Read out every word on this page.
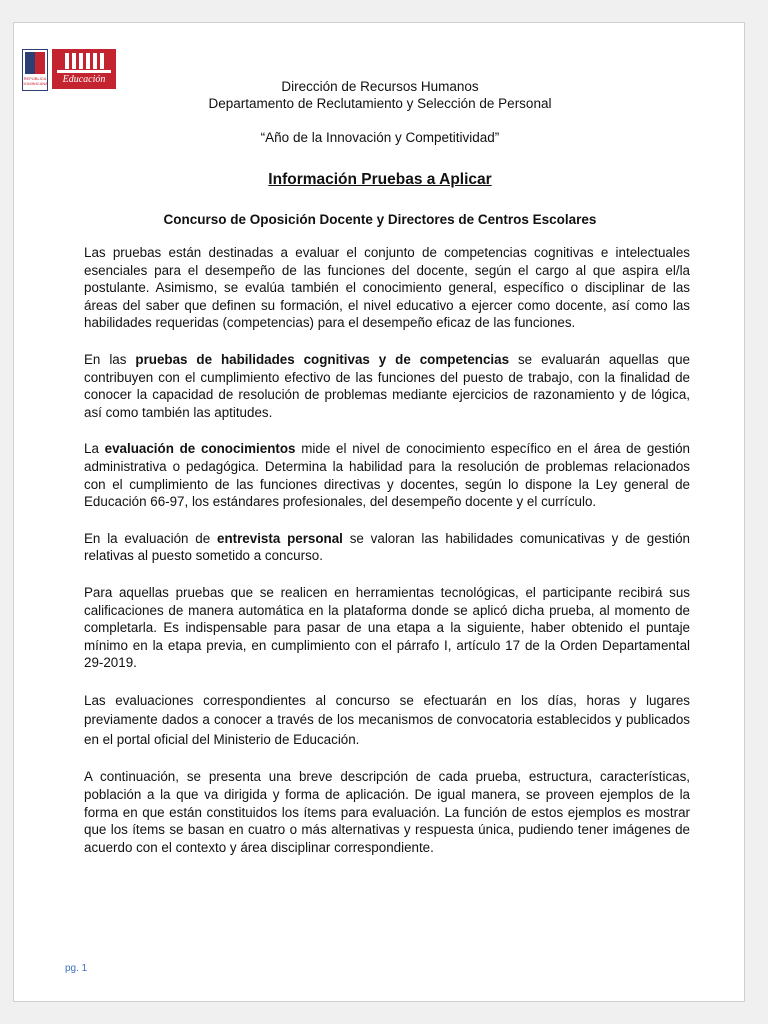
REPÚBLICA DOMINICANA Educación	Dirección de Recursos Humanos
Departamento de Reclutamiento y Selección de Personal
“Año de la Innovación y Competitividad”
Información Pruebas a Aplicar
Concurso de Oposición Docente y Directores de Centros Escolares

Las pruebas están destinadas a evaluar el conjunto de competencias cognitivas e intelectuales esenciales para el desempeño de las funciones del docente, según el cargo al que aspira el/la postulante. Asimismo, se evalúa también el conocimiento general, específico o disciplinar de las áreas del saber que definen su formación, el nivel educativo a ejercer como docente, así como las habilidades requeridas (competencias) para el desempeño eficaz de las funciones.

En las pruebas de habilidades cognitivas y de competencias se evaluarán aquellas que contribuyen con el cumplimiento efectivo de las funciones del puesto de trabajo, con la finalidad de conocer la capacidad de resolución de problemas mediante ejercicios de razonamiento y de lógica, así como también las aptitudes.

La evaluación de conocimientos mide el nivel de conocimiento específico en el área de gestión administrativa o pedagógica. Determina la habilidad para la resolución de problemas relacionados con el cumplimiento de las funciones directivas y docentes, según lo dispone la Ley general de Educación 66-97, los estándares profesionales, del desempeño docente y el currículo.

En la evaluación de entrevista personal se valoran las habilidades comunicativas y de gestión relativas al puesto sometido a concurso.

Para aquellas pruebas que se realicen en herramientas tecnológicas, el participante recibirá sus calificaciones de manera automática en la plataforma donde se aplicó dicha prueba, al momento de completarla. Es indispensable para pasar de una etapa a la siguiente, haber obtenido el puntaje mínimo en la etapa previa, en cumplimiento con el párrafo I, artículo 17 de la Orden Departamental 29-2019.

Las evaluaciones correspondientes al concurso se efectuarán en los días, horas y lugares previamente dados a conocer a través de los mecanismos de convocatoria establecidos y publicados en el portal oficial del Ministerio de Educación.

A continuación, se presenta una breve descripción de cada prueba, estructura, características, población a la que va dirigida y forma de aplicación. De igual manera, se proveen ejemplos de la forma en que están constituidos los ítems para evaluación. La función de estos ejemplos es mostrar que los ítems se basan en cuatro o más alternativas y respuesta única, pudiendo tener imágenes de acuerdo con el contexto y área disciplinar correspondiente.

pg. 1
